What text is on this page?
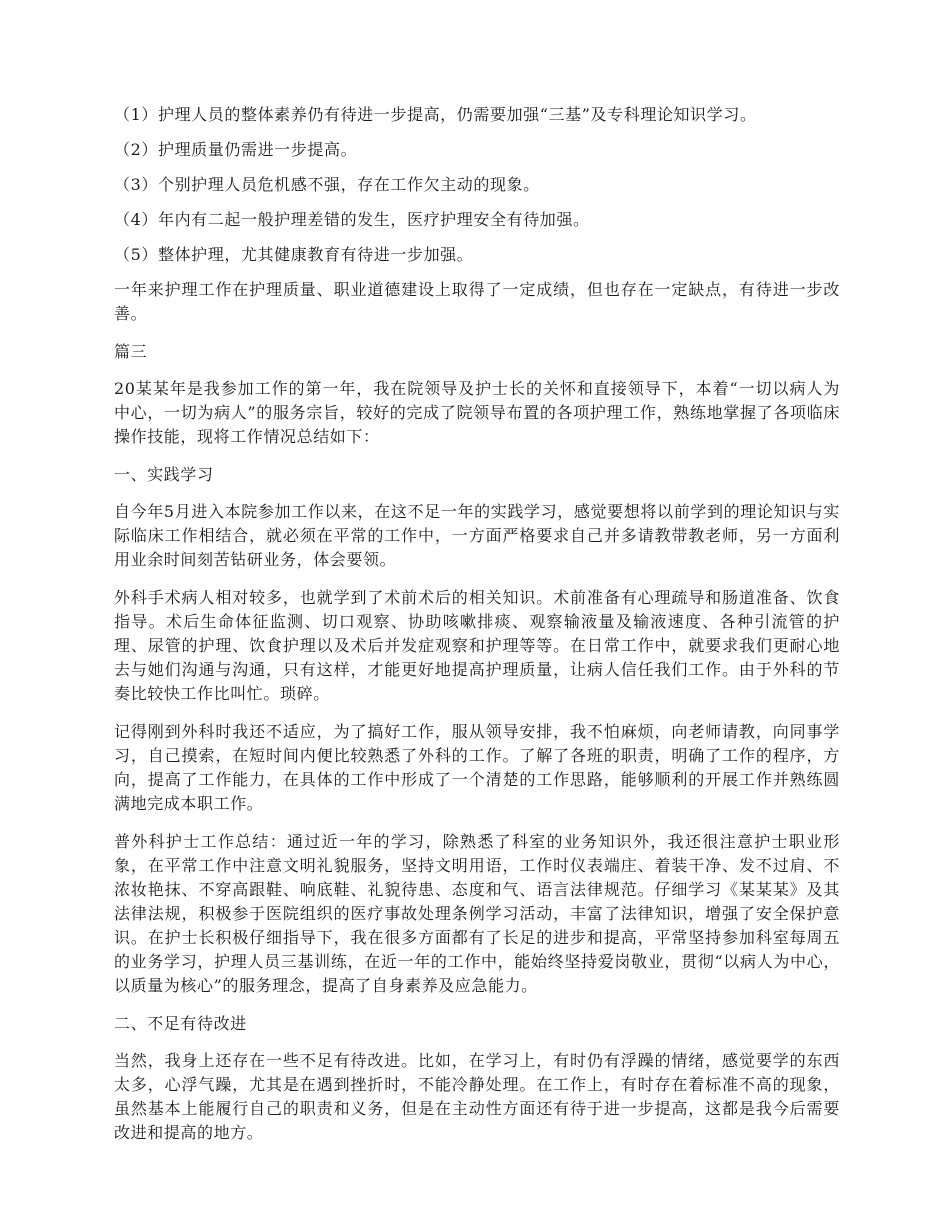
（1）护理人员的整体素养仍有待进一步提高，仍需要加强“三基”及专科理论知识学习。

（2）护理质量仍需进一步提高。

（3）个别护理人员危机感不强，存在工作欠主动的现象。

（4）年内有二起一般护理差错的发生，医疗护理安全有待加强。

（5）整体护理，尤其健康教育有待进一步加强。

一年来护理工作在护理质量、职业道德建设上取得了一定成绩，但也存在一定缺点，有待进一步改善。

篇三

20某某年是我参加工作的第一年，我在院领导及护士长的关怀和直接领导下，本着“一切以病人为中心，一切为病人”的服务宗旨，较好的完成了院领导布置的各项护理工作，熟练地掌握了各项临床操作技能，现将工作情况总结如下：

一、实践学习

自今年5月进入本院参加工作以来，在这不足一年的实践学习，感觉要想将以前学到的理论知识与实际临床工作相结合，就必须在平常的工作中，一方面严格要求自己并多请教带教老师，另一方面利用业余时间刻苦钻研业务，体会要领。

外科手术病人相对较多，也就学到了术前术后的相关知识。术前准备有心理疏导和肠道准备、饮食指导。术后生命体征监测、切口观察、协助咳嗽排痰、观察输液量及输液速度、各种引流管的护理、尿管的护理、饮食护理以及术后并发症观察和护理等等。在日常工作中，就要求我们更耐心地去与她们沟通与沟通，只有这样，才能更好地提高护理质量，让病人信任我们工作。由于外科的节奏比较快工作比叫忙。琐碎。

记得刚到外科时我还不适应，为了搞好工作，服从领导安排，我不怕麻烦，向老师请教，向同事学习，自己摸索，在短时间内便比较熟悉了外科的工作。了解了各班的职责，明确了工作的程序，方向，提高了工作能力，在具体的工作中形成了一个清楚的工作思路，能够顺利的开展工作并熟练圆满地完成本职工作。

普外科护士工作总结：通过近一年的学习，除熟悉了科室的业务知识外，我还很注意护士职业形象，在平常工作中注意文明礼貌服务，坚持文明用语，工作时仪表端庄、着装干净、发不过肩、不浓妆艳抹、不穿高跟鞋、响底鞋、礼貌待患、态度和气、语言法律规范。仔细学习《某某某》及其法律法规，积极参于医院组织的医疗事故处理条例学习活动，丰富了法律知识，增强了安全保护意识。在护士长积极仔细指导下，我在很多方面都有了长足的进步和提高，平常坚持参加科室每周五的业务学习，护理人员三基训练，在近一年的工作中，能始终坚持爱岗敬业，贯彻“以病人为中心，以质量为核心”的服务理念，提高了自身素养及应急能力。

二、不足有待改进

当然，我身上还存在一些不足有待改进。比如，在学习上，有时仍有浮躁的情绪，感觉要学的东西太多，心浮气躁，尤其是在遇到挫折时，不能冷静处理。在工作上，有时存在着标准不高的现象，虽然基本上能履行自己的职责和义务，但是在主动性方面还有待于进一步提高，这都是我今后需要改进和提高的地方。
